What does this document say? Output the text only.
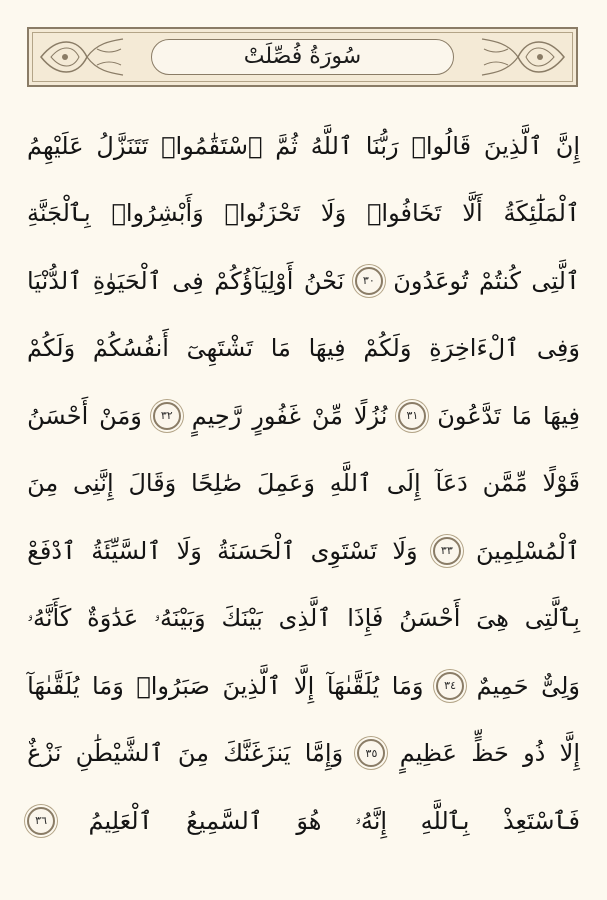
سُورَةُ فُصِّلَتْ
إِنَّ
ٱلَّذِينَ
قَالُوا۟
رَبُّنَا
ٱللَّهُ
ثُمَّ
ٱسْتَقَٰمُوا۟
تَتَنَزَّلُ
عَلَيْهِمُ
ٱلْمَلَٰٓئِكَةُ
أَلَّا
تَخَافُوا۟
وَلَا
تَحْزَنُوا۟
وَأَبْشِرُوا۟
بِٱلْجَنَّةِ
ٱلَّتِى
كُنتُمْ
تُوعَدُونَ
٣٠
نَحْنُ
أَوْلِيَآؤُكُمْ
فِى
ٱلْحَيَوٰةِ
ٱلدُّنْيَا
وَفِى
ٱلْءَاخِرَةِ
وَلَكُمْ
فِيهَا
مَا
تَشْتَهِىٓ
أَنفُسُكُمْ
وَلَكُمْ
فِيهَا
مَا
تَدَّعُونَ
٣١
نُزُلًا
مِّنْ
غَفُورٍ
رَّحِيمٍ
٣٢
وَمَنْ
أَحْسَنُ
قَوْلًا
مِّمَّن
دَعَآ
إِلَى
ٱللَّهِ
وَعَمِلَ
صَٰلِحًا
وَقَالَ
إِنَّنِى
مِنَ
ٱلْمُسْلِمِينَ
٣٣
وَلَا
تَسْتَوِى
ٱلْحَسَنَةُ
وَلَا
ٱلسَّيِّئَةُ
ٱدْفَعْ
بِٱلَّتِى
هِىَ
أَحْسَنُ
فَإِذَا
ٱلَّذِى
بَيْنَكَ
وَبَيْنَهُۥ
عَدَٰوَةٌ
كَأَنَّهُۥ
وَلِىٌّ
حَمِيمٌ
٣٤
وَمَا
يُلَقَّىٰهَآ
إِلَّا
ٱلَّذِينَ
صَبَرُوا۟
وَمَا
يُلَقَّىٰهَآ
إِلَّا
ذُو
حَظٍّ
عَظِيمٍ
٣٥
وَإِمَّا
يَنزَغَنَّكَ
مِنَ
ٱلشَّيْطَٰنِ
نَزْغٌ
فَٱسْتَعِذْ
بِٱللَّهِ
إِنَّهُۥ
هُوَ
ٱلسَّمِيعُ
ٱلْعَلِيمُ
٣٦
